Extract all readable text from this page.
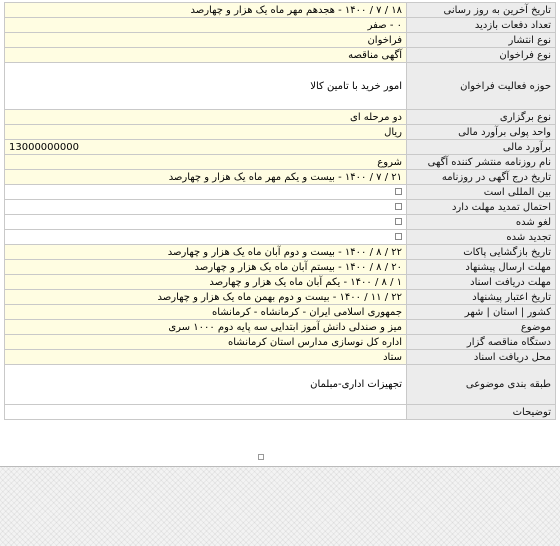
۱۸ / ۷ / ۱۴۰۰ - هجدهم مهر ماه یک هزار و چهارصد	تاریخ آخرین به روز رسانی
۰ - صفر	تعداد دفعات بازدید
فراخوان	نوع انتشار
آگهی مناقصه	نوع فراخوان
امور خرید با تامین کالا	حوزه فعالیت فراخوان
دو مرحله ای	نوع برگزاری
ریال	واحد پولی برآورد مالی
13000000000	برآورد مالی
شروع	نام روزنامه منتشر کننده آگهی
۲۱ / ۷ / ۱۴۰۰ - بیست و یکم مهر ماه یک هزار و چهارصد	تاریخ درج آگهی در روزنامه
	بین المللی است
	احتمال تمدید مهلت دارد
	لغو شده
	تجدید شده
۲۲ / ۸ / ۱۴۰۰ - بیست و دوم آبان ماه یک هزار و چهارصد	تاریخ بازگشایی پاکات
۲۰ / ۸ / ۱۴۰۰ - بیستم آبان ماه یک هزار و چهارصد	مهلت ارسال پیشنهاد
۱ / ۸ / ۱۴۰۰ - یکم آبان ماه یک هزار و چهارصد	مهلت دریافت اسناد
۲۲ / ۱۱ / ۱۴۰۰ - بیست و دوم بهمن ماه یک هزار و چهارصد	تاریخ اعتبار پیشنهاد
جمهوری اسلامی ایران - کرمانشاه - کرمانشاه	کشور | استان | شهر
میز و صندلی دانش آموز ابتدایی سه پایه دوم ۱۰۰۰ سری	موضوع
اداره کل نوسازی مدارس استان کرمانشاه	دستگاه مناقصه گزار
ستاد	محل دریافت اسناد
تجهیزات اداری-مبلمان	طبقه بندی موضوعی
	توضیحات
